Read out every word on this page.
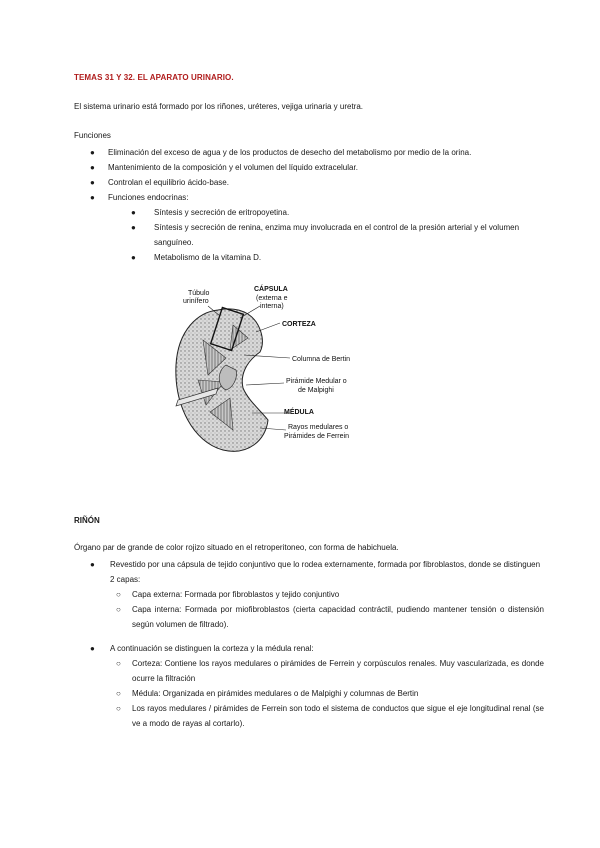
TEMAS 31 Y 32. EL APARATO URINARIO.
El sistema urinario está formado por los riñones, uréteres, vejiga urinaria y uretra.
Funciones
● Eliminación del exceso de agua y de los productos de desecho del metabolismo por medio de la orina.
● Mantenimiento de la composición y el volumen del líquido extracelular.
● Controlan el equilibrio ácido-base.
● Funciones endocrinas:
● Síntesis y secreción de eritropoyetina.
● Síntesis y secreción de renina, enzima muy involucrada en el control de la presión arterial y el volumen sanguíneo.
● Metabolismo de la vitamina D.
Túbulo
urinífero
CÁPSULA
(externa e
interna)
CORTEZA
Columna de Bertin
Pirámide Medular o
de Malpighi
MÉDULA
Rayos medulares o
Pirámides de Ferrein
RIÑÓN
Órgano par de grande de color rojizo situado en el retroperitoneo, con forma de habichuela.
● Revestido por una cápsula de tejido conjuntivo que lo rodea externamente, formada por fibroblastos, donde se distinguen 2 capas:
○ Capa externa: Formada por fibroblastos y tejido conjuntivo
○ Capa interna: Formada por miofibroblastos (cierta capacidad contráctil, pudiendo mantener tensión o distensión según volumen de filtrado).
● A continuación se distinguen la corteza y la médula renal:
○ Corteza: Contiene los rayos medulares o pirámides de Ferrein y corpúsculos renales. Muy vascularizada, es donde ocurre la filtración
○ Médula: Organizada en pirámides medulares o de Malpighi y columnas de Bertin
○ Los rayos medulares / pirámides de Ferrein son todo el sistema de conductos que sigue el eje longitudinal renal (se ve a modo de rayas al cortarlo).
